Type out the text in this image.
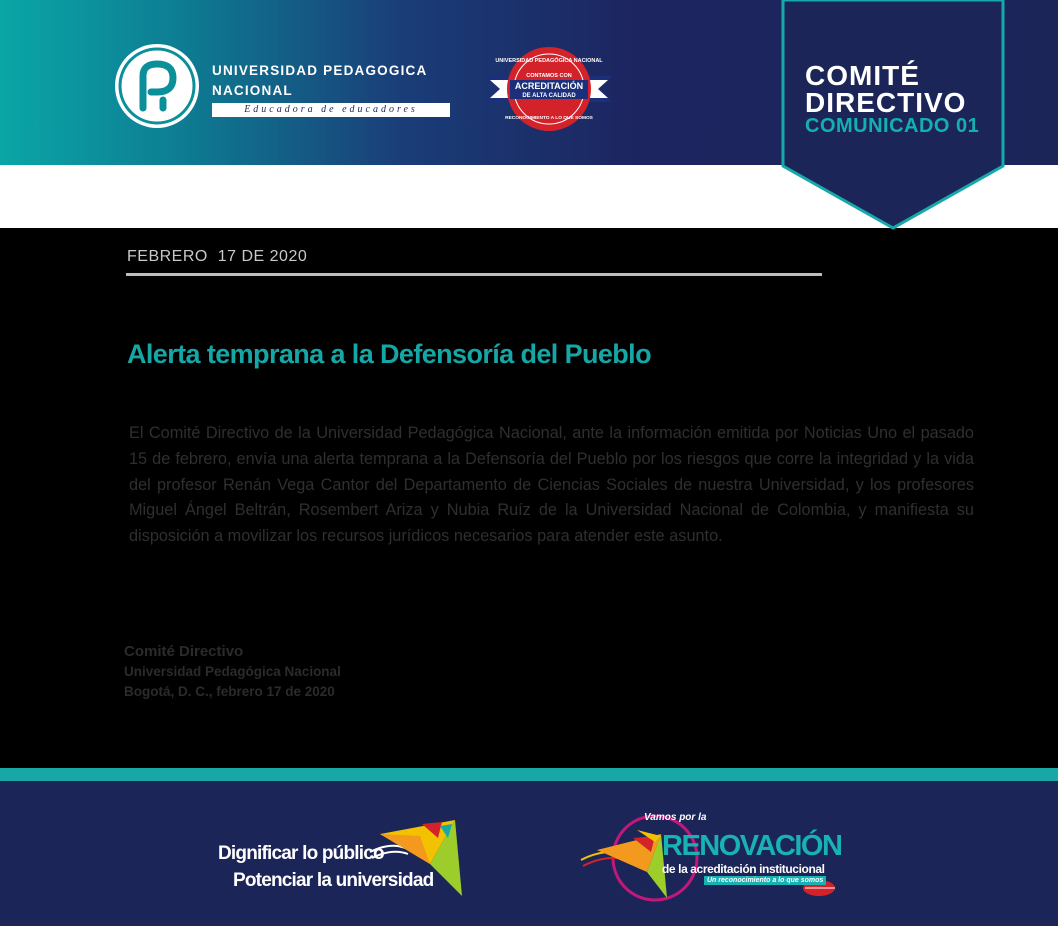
UNIVERSIDAD PEDAGOGICA
NACIONAL
Educadora de educadores
UNIVERSIDAD PEDAGÓGICA NACIONAL
CONTAMOS CON
ACREDITACIÓN
DE ALTA CALIDAD
RECONOCIMIENTO A LO QUE SOMOS
COMITÉ
DIRECTIVO
COMUNICADO 01
FEBRERO  17 DE 2020
Alerta temprana a la Defensoría del Pueblo
El Comité Directivo de la Universidad Pedagógica Nacional, ante la información emitida por Noticias Uno el pasado 15 de febrero, envía una alerta temprana a la Defensoría del Pueblo por los riesgos que corre la integridad y la vida del profesor Renán Vega Cantor del Departamento de Ciencias Sociales de nuestra Universidad, y los profesores Miguel Ángel Beltrán, Rosembert Ariza y Nubia Ruíz de la Universidad Nacional de Colombia, y manifiesta su disposición a movilizar los recursos jurídicos necesarios para atender este asunto.
Comité Directivo
Universidad Pedagógica Nacional
Bogotá, D. C., febrero 17 de 2020
Dignificar lo público
Potenciar la universidad
Vamos por la
RENOVACIÓN
de la acreditación institucional
Un reconocimiento a lo que somos
